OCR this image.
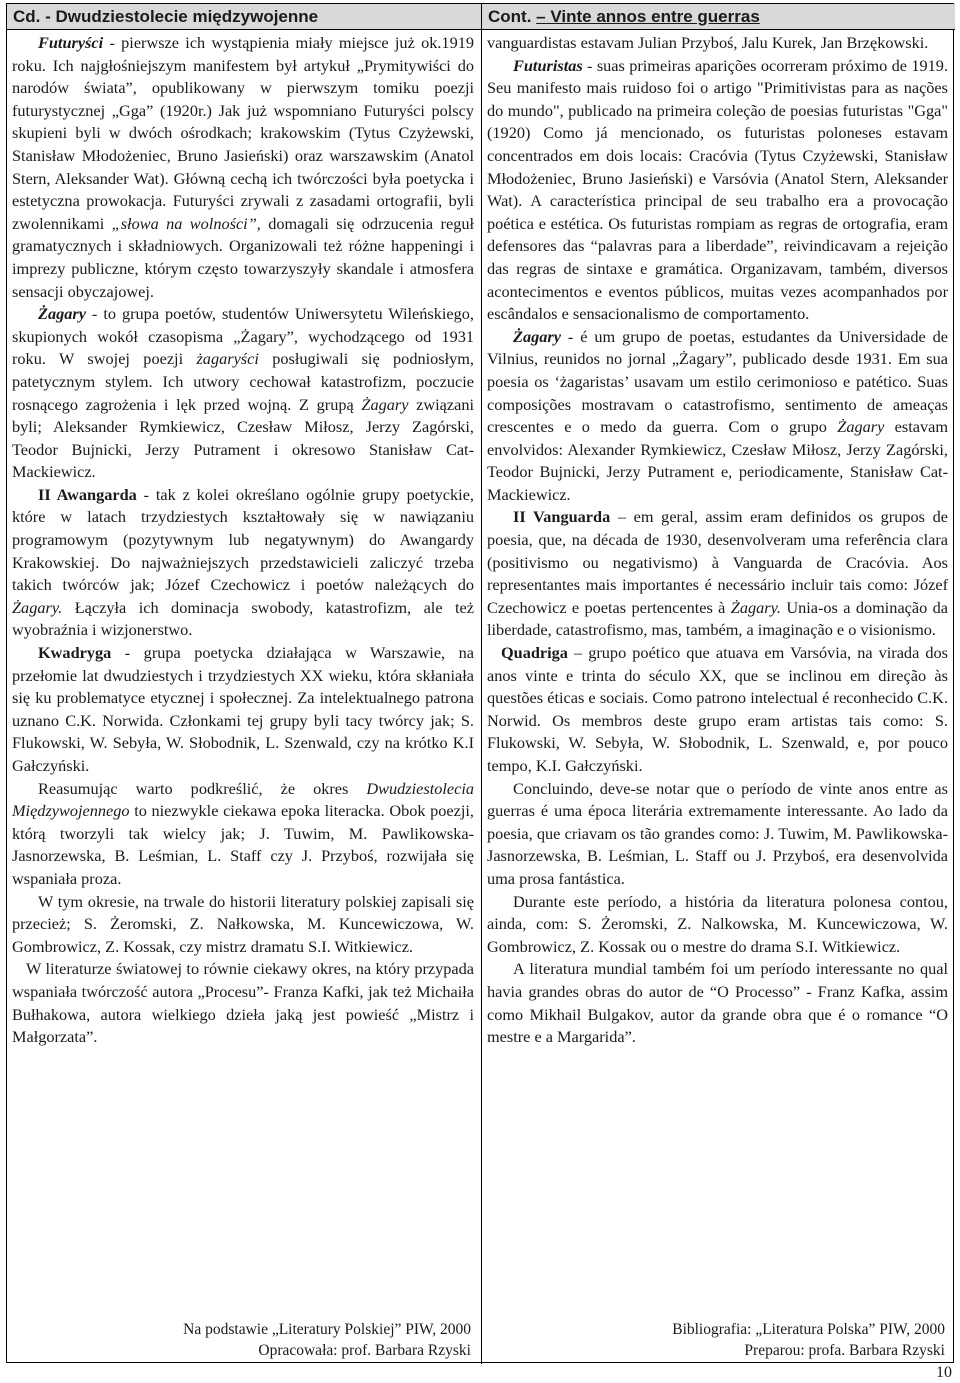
Cd. - Dwudziestolecie międzywojenne	Cont. – Vinte annos entre guerras

Futuryści - pierwsze ich wystąpienia miały miejsce już ok.1919 roku. Ich najgłośniejszym manifestem był artykuł „Prymitywiści do narodów świata”, opublikowany w pierwszym tomiku poezji futurystycznej „Gga” (1920r.) Jak już wspomniano Futuryści polscy skupieni byli w dwóch ośrodkach; krakowskim (Tytus Czyżewski, Stanisław Młodożeniec, Bruno Jasieński) oraz warszawskim (Anatol Stern, Aleksander Wat). Główną cechą ich twórczości była poetycka i estetyczna prowokacja. Futuryści zrywali z zasadami ortografii, byli zwolennikami „słowa na wolności”, domagali się odrzucenia reguł gramatycznych i składniowych. Organizowali też różne happeningi i imprezy publiczne, którym często towarzyszyły skandale i atmosfera sensacji obyczajowej.

Żagary - to grupa poetów, studentów Uniwersytetu Wileńskiego, skupionych wokół czasopisma „Żagary”, wychodzącego od 1931 roku. W swojej poezji żagaryści posługiwali się podniosłym, patetycznym stylem. Ich utwory cechował katastrofizm, poczucie rosnącego zagrożenia i lęk przed wojną. Z grupą Żagary związani byli; Aleksander Rymkiewicz, Czesław Miłosz, Jerzy Zagórski, Teodor Bujnicki, Jerzy Putrament i okresowo Stanisław Cat-Mackiewicz.

II Awangarda - tak z kolei określano ogólnie grupy poetyckie, które w latach trzydziestych kształtowały się w nawiązaniu programowym (pozytywnym lub negatywnym) do Awangardy Krakowskiej. Do najważniejszych przedstawicieli zaliczyć trzeba takich twórców jak; Józef Czechowicz i poetów należących do Żagary. Łączyła ich dominacja swobody, katastrofizm, ale też wyobraźnia i wizjonerstwo.

Kwadryga - grupa poetycka działająca w Warszawie, na przełomie lat dwudziestych i trzydziestych XX wieku, która skłaniała się ku problematyce etycznej i społecznej. Za intelektualnego patrona uznano C.K. Norwida. Członkami tej grupy byli tacy twórcy jak; S. Flukowski, W. Sebyła, W. Słobodnik, L. Szenwald, czy na krótko K.I Gałczyński.

Reasumując warto podkreślić, że okres Dwudziestolecia Międzywojennego to niezwykle ciekawa epoka literacka. Obok poezji, którą tworzyli tak wielcy jak; J. Tuwim, M. Pawlikowska-Jasnorzewska, B. Leśmian, L. Staff czy J. Przyboś, rozwijała się wspaniała proza.

W tym okresie, na trwale do historii literatury polskiej zapisali się przecież; S. Żeromski, Z. Nałkowska, M. Kuncewiczowa, W. Gombrowicz, Z. Kossak, czy mistrz dramatu S.I. Witkiewicz.

W literaturze światowej to równie ciekawy okres, na który przypada wspaniała twórczość autora „Procesu”- Franza Kafki, jak też Michaiła Bułhakowa, autora wielkiego dzieła jaką jest powieść „Mistrz i Małgorzata”.

Na podstawie „Literatury Polskiej” PIW, 2000
Opracowała: prof. Barbara Rzyski

vanguardistas estavam Julian Przyboś, Jalu Kurek, Jan Brzękowski.

Futuristas - suas primeiras aparições ocorreram próximo de 1919. Seu manifesto mais ruidoso foi o artigo "Primitivistas para as nações do mundo", publicado na primeira coleção de poesias futuristas "Gga" (1920) Como já mencionado, os futuristas poloneses estavam concentrados em dois locais: Cracóvia (Tytus Czyżewski, Stanisław Młodożeniec, Bruno Jasieński) e Varsóvia (Anatol Stern, Aleksander Wat). A característica principal de seu trabalho era a provocação poética e estética. Os futuristas rompiam as regras de ortografia, eram defensores das “palavras para a liberdade”, reivindicavam a rejeição das regras de sintaxe e gramática. Organizavam, também, diversos acontecimentos e eventos públicos, muitas vezes acompanhados por escândalos e sensacionalismo de comportamento.

Żagary - é um grupo de poetas, estudantes da Universidade de Vilnius, reunidos no jornal „Żagary”, publicado desde 1931. Em sua poesia os ‘żagaristas’ usavam um estilo cerimonioso e patético. Suas composições mostravam o catastrofismo, sentimento de ameaças crescentes e o medo da guerra. Com o grupo Żagary estavam envolvidos: Alexander Rymkiewicz, Czesław Miłosz, Jerzy Zagórski, Teodor Bujnicki, Jerzy Putrament e, periodicamente, Stanisław Cat-Mackiewicz.

II Vanguarda – em geral, assim eram definidos os grupos de poesia, que, na década de 1930, desenvolveram uma referência clara (positivismo ou negativismo) à Vanguarda de Cracóvia. Aos representantes mais importantes é necessário incluir tais como: Józef Czechowicz e poetas pertencentes à Żagary. Unia-os a dominação da liberdade, catastrofismo, mas, também, a imaginação e o visionismo.

Quadriga – grupo poético que atuava em Varsóvia, na virada dos anos vinte e trinta do século XX, que se inclinou em direção às questões éticas e sociais. Como patrono intelectual é reconhecido C.K. Norwid. Os membros deste grupo eram artistas tais como: S. Flukowski, W. Sebyła, W. Słobodnik, L. Szenwald, e, por pouco tempo, K.I. Gałczyński.

Concluindo, deve-se notar que o período de vinte anos entre as guerras é uma época literária extremamente interessante. Ao lado da poesia, que criavam os tão grandes como: J. Tuwim, M. Pawlikowska-Jasnorzewska, B. Leśmian, L. Staff ou J. Przyboś, era desenvolvida uma prosa fantástica.

Durante este período, a história da literatura polonesa contou, ainda, com: S. Żeromski, Z. Nalkowska, M. Kuncewiczowa, W. Gombrowicz, Z. Kossak ou o mestre do drama S.I. Witkiewicz.

A literatura mundial também foi um período interessante no qual havia grandes obras do autor de “O Processo” - Franz Kafka, assim como Mikhail Bulgakov, autor da grande obra que é o romance “O mestre e a Margarida”.

Bibliografia: „Literatura Polska” PIW, 2000
Preparou: profa. Barbara Rzyski
10
